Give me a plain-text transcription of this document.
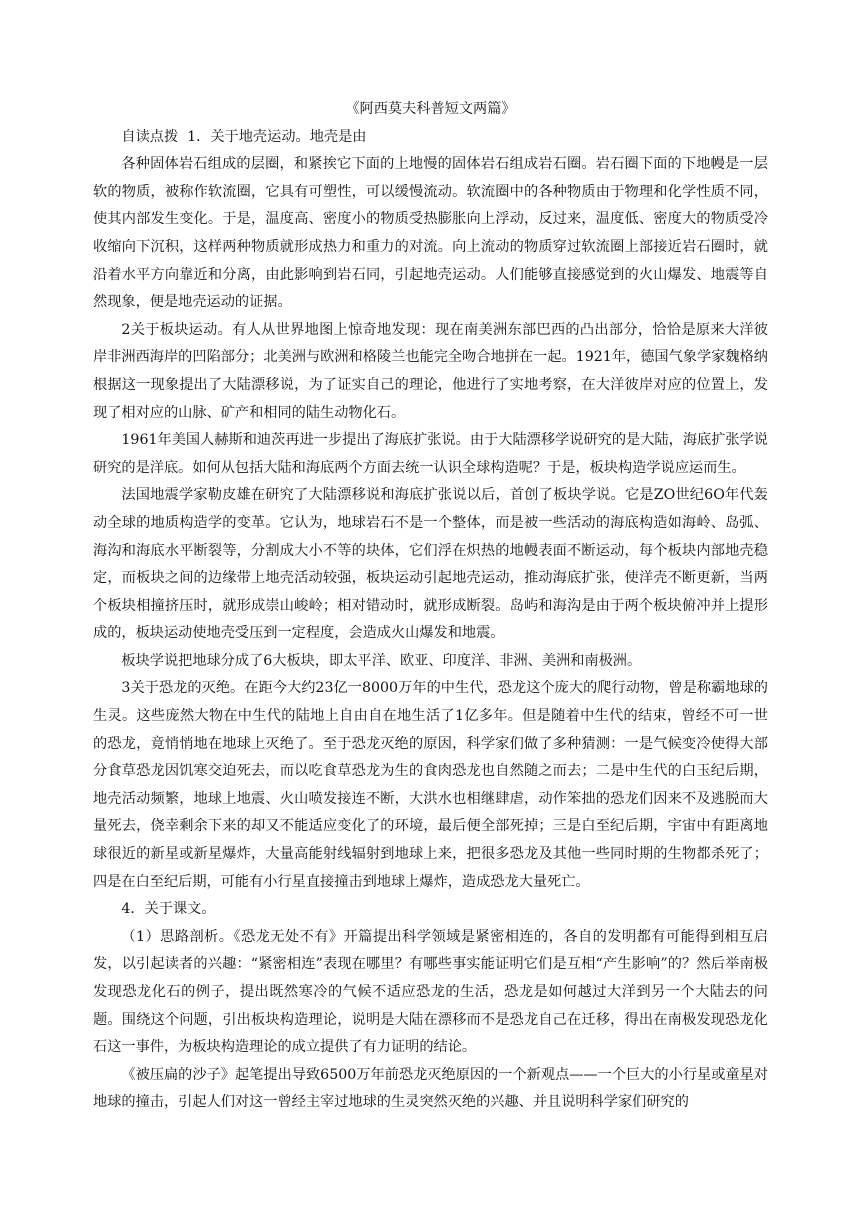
《阿西莫夫科普短文两篇》

自读点拨  1．关于地壳运动。地壳是由

各种固体岩石组成的层圈，和紧挨它下面的上地慢的固体岩石组成岩石圈。岩石圈下面的下地幔是一层软的物质，被称作软流圈，它具有可塑性，可以缓慢流动。软流圈中的各种物质由于物理和化学性质不同，使其内部发生变化。于是，温度高、密度小的物质受热膨胀向上浮动，反过来，温度低、密度大的物质受冷收缩向下沉积，这样两种物质就形成热力和重力的对流。向上流动的物质穿过软流圈上部接近岩石圈时，就沿着水平方向靠近和分离，由此影响到岩石同，引起地壳运动。人们能够直接感觉到的火山爆发、地震等自然现象，便是地壳运动的证据。

2关于板块运动。有人从世界地图上惊奇地发现：现在南美洲东部巴西的凸出部分，恰恰是原来大洋彼岸非洲西海岸的凹陷部分；北美洲与欧洲和格陵兰也能完全吻合地拼在一起。1921年，德国气象学家魏格纳根据这一现象提出了大陆漂移说，为了证实自己的理论，他进行了实地考察，在大洋彼岸对应的位置上，发现了相对应的山脉、矿产和相同的陆生动物化石。

1961年美国人赫斯和迪茨再进一步提出了海底扩张说。由于大陆漂移学说研究的是大陆，海底扩张学说研究的是洋底。如何从包括大陆和海底两个方面去统一认识全球构造呢？于是，板块构造学说应运而生。

法国地震学家勒皮雄在研究了大陆漂移说和海底扩张说以后，首创了板块学说。它是ZO世纪6O年代轰动全球的地质构造学的变革。它认为，地球岩石不是一个整体，而是被一些活动的海底构造如海岭、岛弧、海沟和海底水平断裂等，分割成大小不等的块体，它们浮在炽热的地幔表面不断运动，每个板块内部地壳稳定，而板块之间的边缘带上地壳活动较强，板块运动引起地壳运动，推动海底扩张，使洋壳不断更新，当两个板块相撞挤压时，就形成崇山峻岭；相对错动时，就形成断裂。岛屿和海沟是由于两个板块俯冲并上提形成的，板块运动使地壳受压到一定程度，会造成火山爆发和地震。

板块学说把地球分成了6大板块，即太平洋、欧亚、印度洋、非洲、美洲和南极洲。

3关于恐龙的灭绝。在距今大约23亿一8000万年的中生代，恐龙这个庞大的爬行动物，曾是称霸地球的生灵。这些庞然大物在中生代的陆地上自由自在地生活了1亿多年。但是随着中生代的结束，曾经不可一世的恐龙，竟悄悄地在地球上灭绝了。至于恐龙灭绝的原因，科学家们做了多种猜测：一是气候变冷使得大部分食草恐龙因饥寒交迫死去，而以吃食草恐龙为生的食肉恐龙也自然随之而去；二是中生代的白玉纪后期，地壳活动频繁，地球上地震、火山喷发接连不断，大洪水也相继肆虐，动作笨拙的恐龙们因来不及逃脱而大量死去，侥幸剩余下来的却又不能适应变化了的环境，最后便全部死掉；三是白至纪后期，宇宙中有距离地球很近的新星或新星爆炸，大量高能射线辐射到地球上来，把很多恐龙及其他一些同时期的生物都杀死了；四是在白至纪后期，可能有小行星直接撞击到地球上爆炸，造成恐龙大量死亡。

4．关于课文。

（1）思路剖析。《恐龙无处不有》开篇提出科学领域是紧密相连的，各自的发明都有可能得到相互启发，以引起读者的兴趣：“紧密相连”表现在哪里？有哪些事实能证明它们是互相“产生影响”的？然后举南极发现恐龙化石的例子，提出既然寒冷的气候不适应恐龙的生活，恐龙是如何越过大洋到另一个大陆去的问题。围绕这个问题，引出板块构造理论，说明是大陆在漂移而不是恐龙自己在迁移，得出在南极发现恐龙化石这一事件，为板块构造理论的成立提供了有力证明的结论。

《被压扁的沙子》起笔提出导致6500万年前恐龙灭绝原因的一个新观点——一个巨大的小行星或童星对地球的撞击，引起人们对这一曾经主宰过地球的生灵突然灭绝的兴趣、并且说明科学家们研究的
